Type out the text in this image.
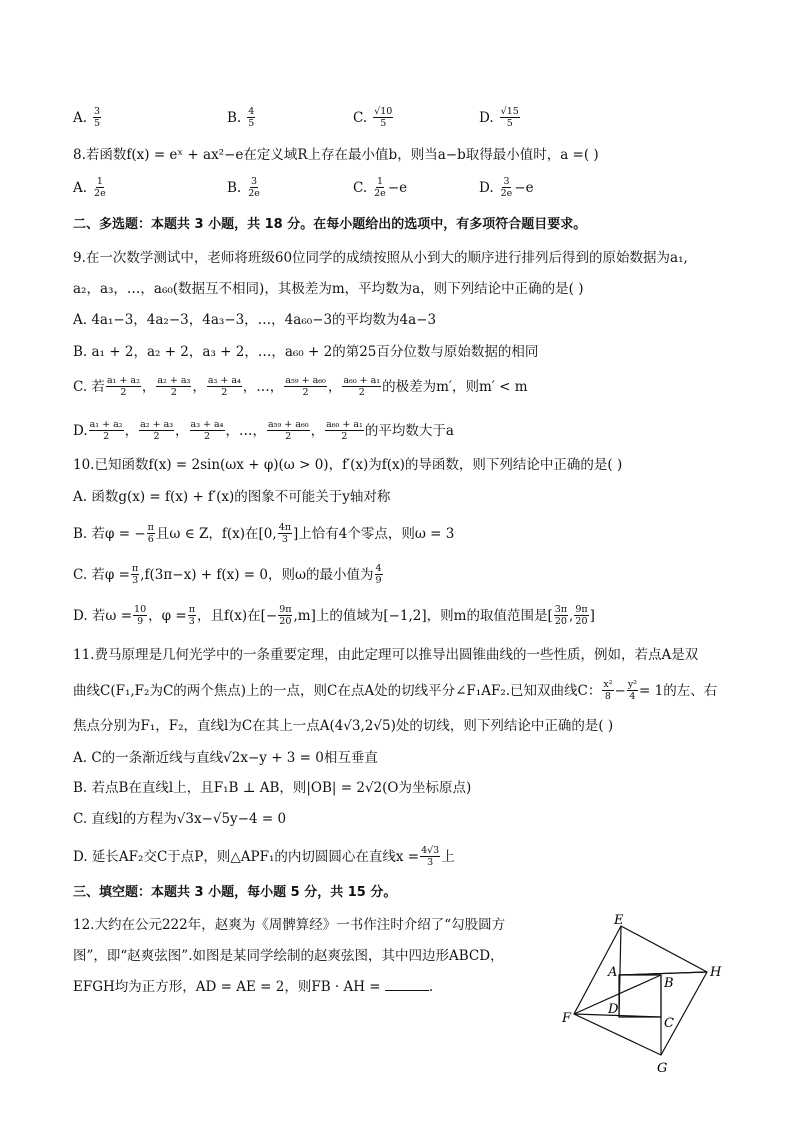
A. $\frac{3}{5}$	B. $\frac{4}{5}$	C. $\frac{√10}{5}$	D. $\frac{√15}{5}$
8.若函数f(x) = eˣ + ax²−e在定义域R上存在最小值b，则当a−b取得最小值时，a =( )
A. $\frac{1}{2e}$	B. $\frac{3}{2e}$	C. $\frac{1}{2e} -e$	D. $\frac{3}{2e} -e$
二、多选题：本题共 3 小题，共 18 分。在每小题给出的选项中，有多项符合题目要求。
9.在一次数学测试中，老师将班级60位同学的成绩按照从小到大的顺序进行排列后得到的原始数据为a₁,
a₂，a₃，…，a₆₀(数据互不相同)，其极差为m，平均数为a，则下列结论中正确的是( )
A. 4a₁−3，4a₂−3，4a₃−3，…，4a₆₀−3的平均数为4a−3
B. a₁ + 2，a₂ + 2，a₃ + 2，…，a₆₀ + 2的第25百分位数与原始数据的相同
C. 若 $\frac{\text{a₁ + a₂}}{2}$ ， $\frac{\text{a₂ + a₃}}{2}$ ， $\frac{\text{a₃ + a₄}}{2}$ ， …， $\frac{\text{a₅₉ + a₆₀}}{2}$ ， $\frac{\text{a₆₀ + a₁}}{2}$ 的极差为m′，则m′ < m
D. $\frac{\text{a₁ + a₂}}{2}$ ， $\frac{\text{a₂ + a₃}}{2}$ ， $\frac{\text{a₃ + a₄}}{2}$ ， …， $\frac{\text{a₅₉ + a₆₀}}{2}$ ， $\frac{\text{a₆₀ + a₁}}{2}$ 的平均数大于a
10.已知函数f(x) = 2sin(ωx + φ)(ω > 0)，f′(x)为f(x)的导函数，则下列结论中正确的是( )
A. 函数g(x) = f(x) + f′(x)的图象不可能关于y轴对称
B. 若φ = − $\frac{\pi}{6}$ 且ω ∈ Z，f(x)在[0, $\frac{4\pi}{3}$ ]上恰有4个零点，则ω = 3
C. 若$\varphi = \frac{\pi}{3} ,f(3\pi-x) + f(x) = 0$，则ω的最小值为 $\frac{4}{9}$
D. 若$\omega = \frac{10}{9}$ ，$\varphi = \frac{\pi}{3}$ ，且f(x)在[− $\frac{9\pi}{20} ,m$]上的值域为[−1,2]，则m的取值范围是[ $\frac{3\pi}{20}$ , $\frac{9\pi}{20}$ ]
11.费马原理是几何光学中的一条重要定理，由此定理可以推导出圆锥曲线的一些性质，例如，若点A是双
曲线C(F₁,F₂为C的两个焦点)上的一点，则C在点A处的切线平分∠F₁AF₂.已知双曲线C： $\frac{\text{x²}}{8} - \frac{\text{y²}}{4} = 1$的左、右
焦点分别为F₁，F₂，直线l为C在其上一点A(4√3,2√5)处的切线，则下列结论中正确的是( )
A. C的一条渐近线与直线√2x−y + 3 = 0相互垂直
B. 若点B在直线l上，且F₁B ⊥ AB，则|OB| = 2√2(O为坐标原点)
C. 直线l的方程为√3x−√5y−4 = 0
D. 延长AF₂交C于点P，则△APF₁的内切圆圆心在直线$x = \frac{4√3}{3}$ 上
三、填空题：本题共 3 小题，每小题 5 分，共 15 分。
12.大约在公元222年，赵爽为《周髀算经》一书作注时介绍了“勾股圆方
图”，即“赵爽弦图”.如图是某同学绘制的赵爽弦图，其中四边形ABCD，
EFGH均为正方形，AD = AE = 2，则FB · AH =	.
E
H
G
F
A
B
C
D
